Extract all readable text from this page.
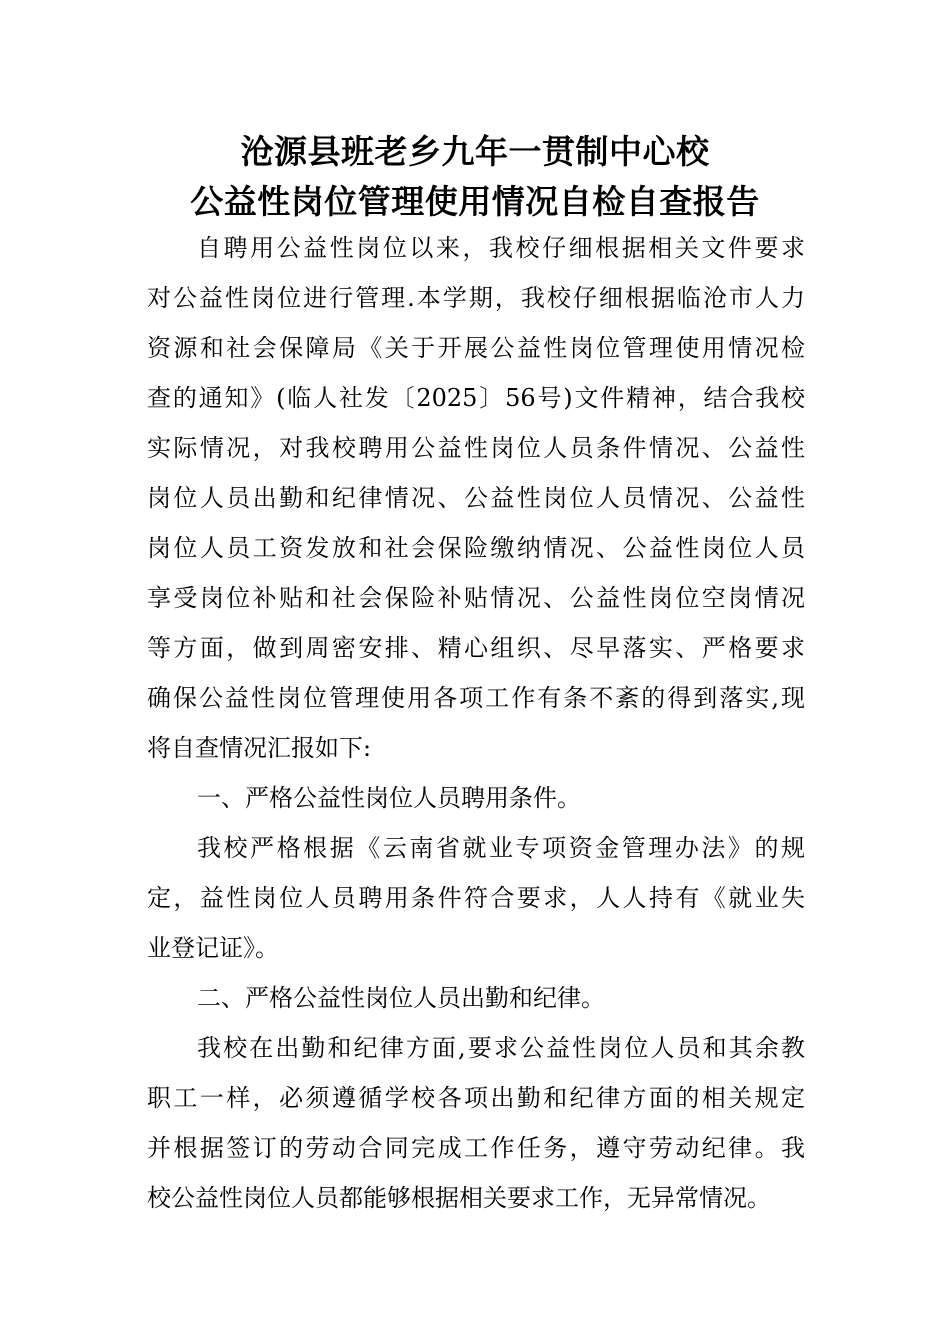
沧源县班老乡九年一贯制中心校
公益性岗位管理使用情况自检自查报告
自聘用公益性岗位以来，我校仔细根据相关文件要求
对公益性岗位进行管理.本学期，我校仔细根据临沧市人力
资源和社会保障局《关于开展公益性岗位管理使用情况检
查的通知》(临人社发〔2025〕56号)文件精神，结合我校
实际情况，对我校聘用公益性岗位人员条件情况、公益性
岗位人员出勤和纪律情况、公益性岗位人员情况、公益性
岗位人员工资发放和社会保险缴纳情况、公益性岗位人员
享受岗位补贴和社会保险补贴情况、公益性岗位空岗情况
等方面，做到周密安排、精心组织、尽早落实、严格要求
确保公益性岗位管理使用各项工作有条不紊的得到落实,现
将自查情况汇报如下:
一、严格公益性岗位人员聘用条件。
我校严格根据《云南省就业专项资金管理办法》的规
定，益性岗位人员聘用条件符合要求，人人持有《就业失
业登记证》。
二、严格公益性岗位人员出勤和纪律。
我校在出勤和纪律方面,要求公益性岗位人员和其余教
职工一样，必须遵循学校各项出勤和纪律方面的相关规定
并根据签订的劳动合同完成工作任务，遵守劳动纪律。我
校公益性岗位人员都能够根据相关要求工作，无异常情况。
